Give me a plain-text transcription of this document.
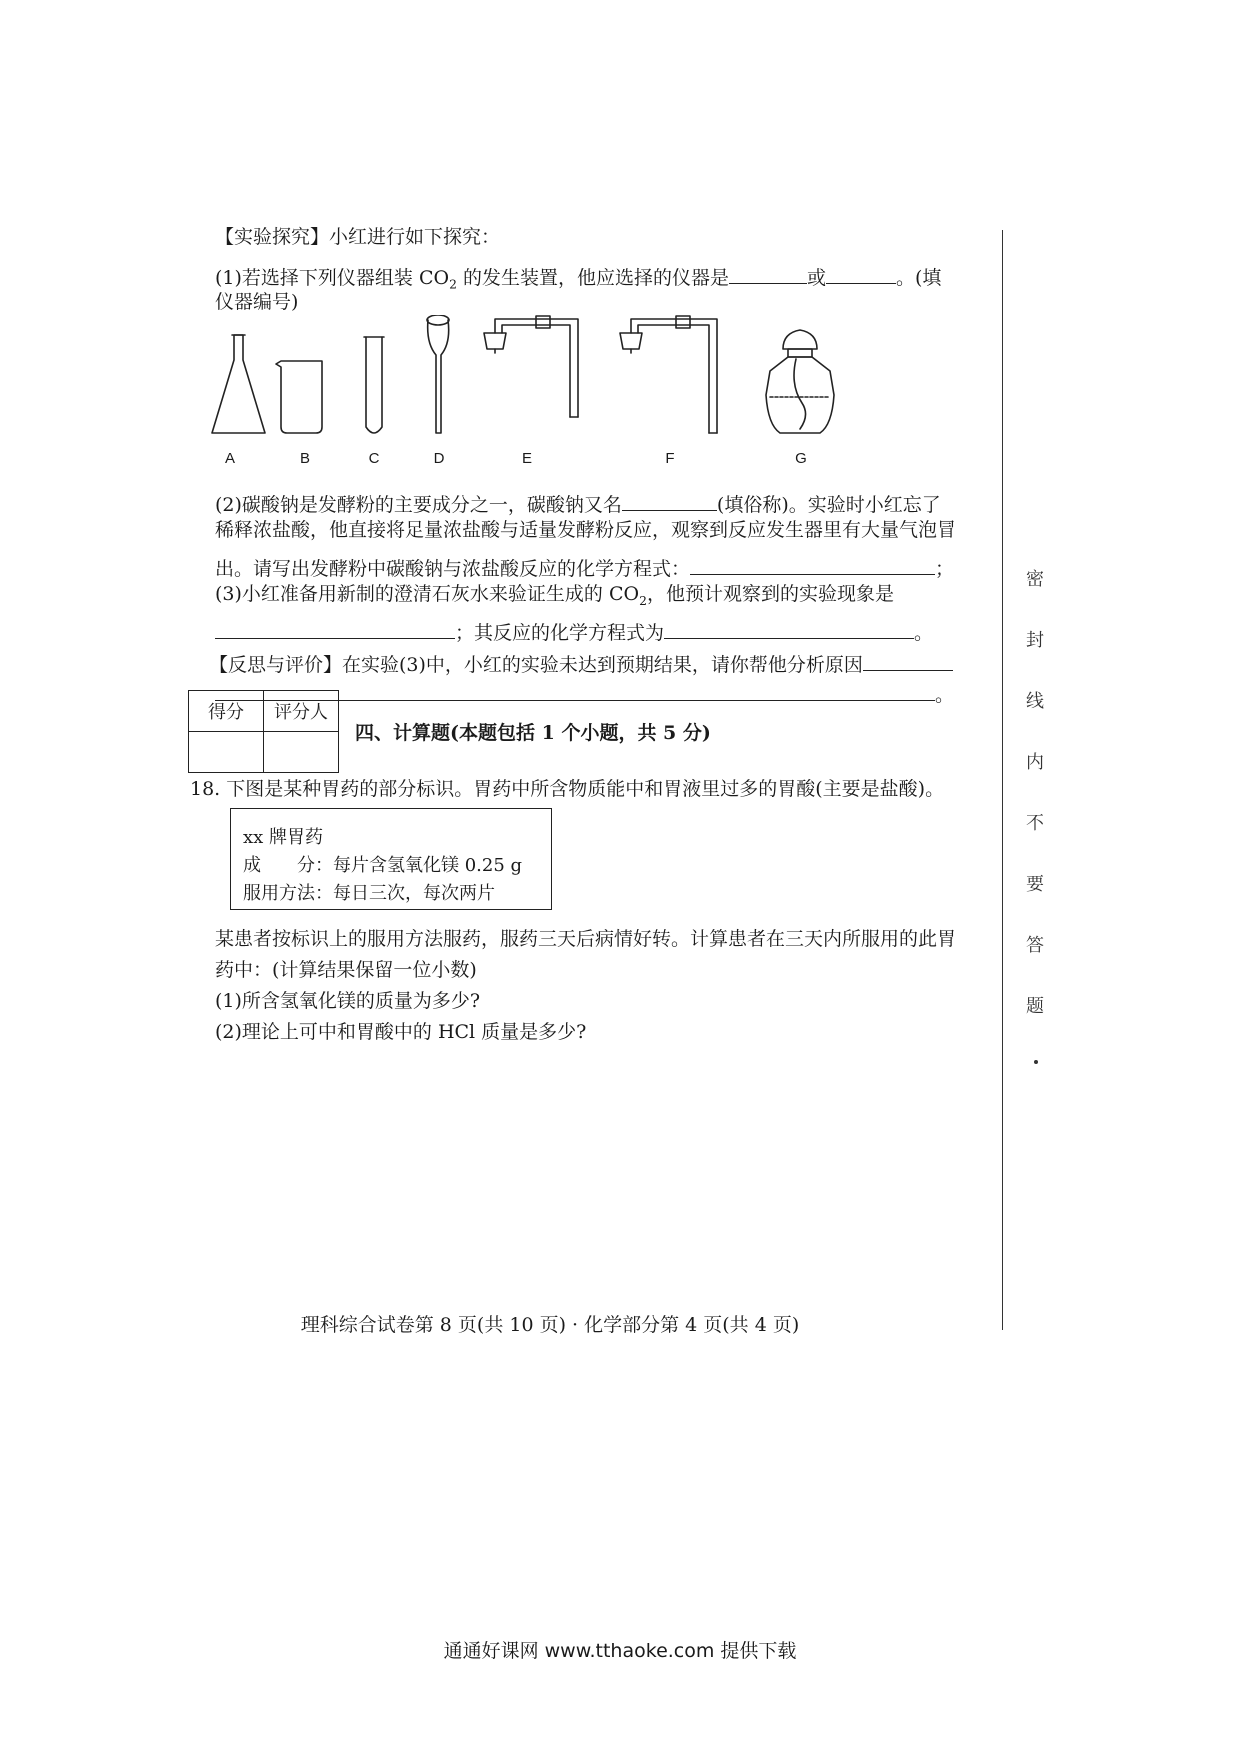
【实验探究】小红进行如下探究：
(1)若选择下列仪器组装 $CO_2$ 的发生装置，他应选择的仪器是	或	。(填
仪器编号)
(2)碳酸钠是发酵粉的主要成分之一，碳酸钠又名	(填俗称)。实验时小红忘了
稀释浓盐酸，他直接将足量浓盐酸与适量发酵粉反应，观察到反应发生器里有大量气泡冒
出。请写出发酵粉中碳酸钠与浓盐酸反应的化学方程式：	；
(3)小红准备用新制的澄清石灰水来验证生成的 $CO_2$，他预计观察到的实验现象是
；其反应的化学方程式为	。
【反思与评价】在实验(3)中，小红的实验未达到预期结果，请你帮他分析原因
。
A	B	C	D	E	F	G
得分	评分人

四、计算题(本题包括 1 个小题，共 5 分)
18. 下图是某种胃药的部分标识。胃药中所含物质能中和胃液里过多的胃酸(主要是盐酸)。
xx 牌胃药
成　　分：每片含氢氧化镁 0.25 g
服用方法：每日三次，每次两片
某患者按标识上的服用方法服药，服药三天后病情好转。计算患者在三天内所服用的此胃
药中：(计算结果保留一位小数)
(1)所含氢氧化镁的质量为多少?
(2)理论上可中和胃酸中的 HCl 质量是多少?
理科综合试卷第 8 页(共 10 页) · 化学部分第 4 页(共 4 页)
通通好课网 www.tthaoke.com 提供下载
密
封
线
内
不
要
答
题
